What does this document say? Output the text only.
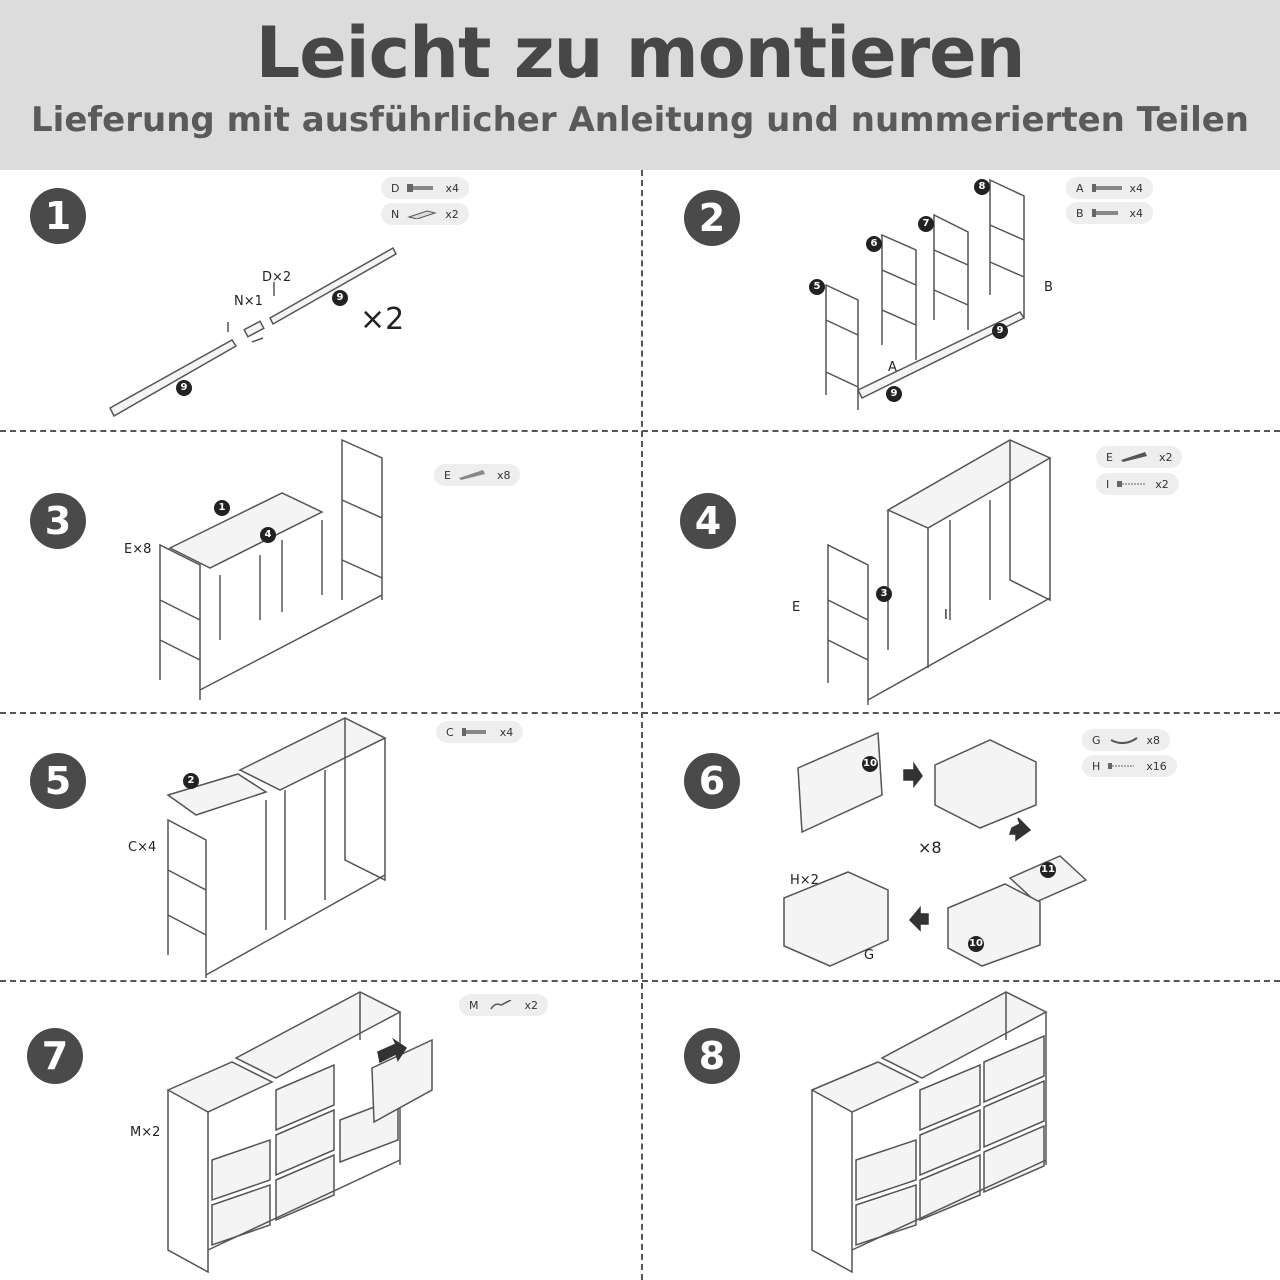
Leicht zu montieren
Lieferung mit ausführlicher Anleitung und nummerierten Teilen
1
D	x4
N	x2
D×2
N×1
×2
9
9
2
A	x4
B	x4
5
6
7
8
9
9
A
B
3
E	x8
E×8
1
4	4
E	x2
I	x2
E
I
3
5
C	x4
C×4
2	6
G	x8
H	x16
×8
H×2
G
10
11
10
7
M	x2
M×2
8
